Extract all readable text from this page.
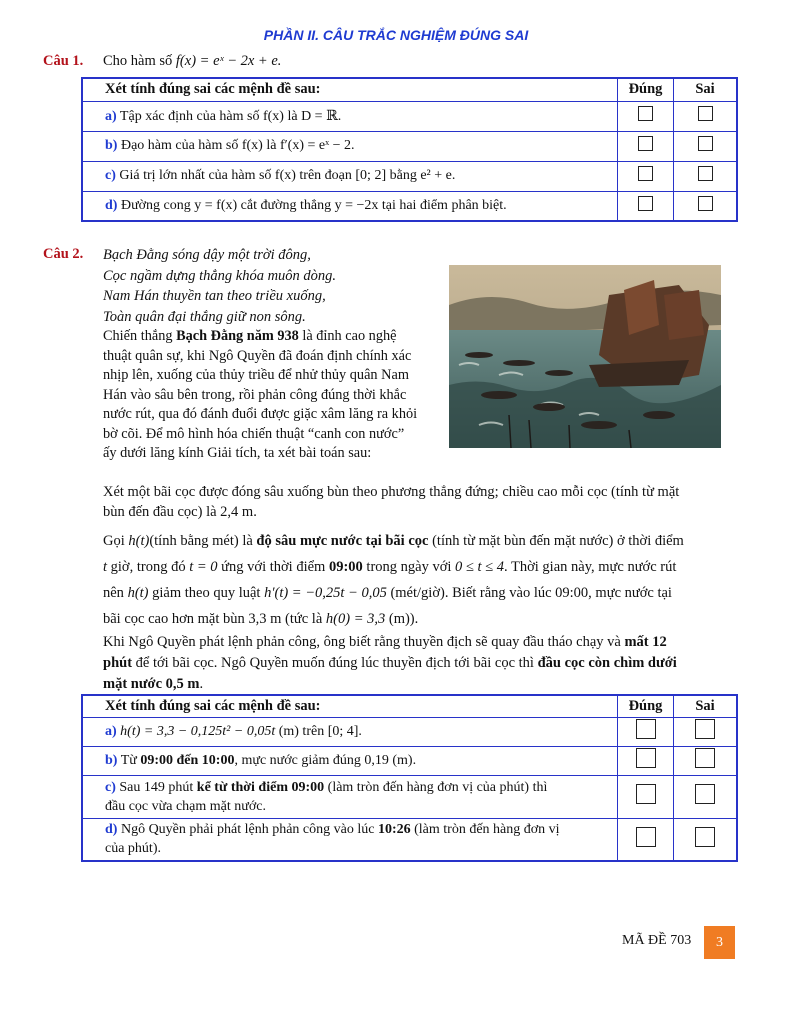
PHẦN II. CÂU TRẮC NGHIỆM ĐÚNG SAI
Câu 1. Cho hàm số f(x) = eˣ − 2x + e.
Xét tính đúng sai các mệnh đề sau:	Đúng	Sai
a) Tập xác định của hàm số f(x) là D = ℝ.		
b) Đạo hàm của hàm số f(x) là f′(x) = eˣ − 2.		
c) Giá trị lớn nhất của hàm số f(x) trên đoạn [0; 2] bằng e² + e.		
d) Đường cong y = f(x) cắt đường thẳng y = −2x tại hai điểm phân biệt.		
Câu 2. Bạch Đằng sóng dậy một trời đông,
Cọc ngầm dựng thẳng khóa muôn dòng.
Nam Hán thuyền tan theo triều xuống,
Toàn quân đại thắng giữ non sông.
Chiến thắng Bạch Đằng năm 938 là đỉnh cao nghệ
thuật quân sự, khi Ngô Quyền đã đoán định chính xác
nhịp lên, xuống của thủy triều để nhử thủy quân Nam
Hán vào sâu bên trong, rồi phản công đúng thời khắc
nước rút, qua đó đánh đuổi được giặc xâm lăng ra khỏi
bờ cõi. Để mô hình hóa chiến thuật “canh con nước”
ấy dưới lăng kính Giải tích, ta xét bài toán sau:
Xét một bãi cọc được đóng sâu xuống bùn theo phương thẳng đứng; chiều cao mỗi cọc (tính từ mặt
bùn đến đầu cọc) là 2,4 m.
Gọi h(t)(tính bằng mét) là độ sâu mực nước tại bãi cọc (tính từ mặt bùn đến mặt nước) ở thời điểm
t giờ, trong đó t = 0 ứng với thời điểm 09:00 trong ngày với 0 ≤ t ≤ 4. Thời gian này, mực nước rút
nên h(t) giảm theo quy luật h′(t) = −0,25t − 0,05 (mét/giờ). Biết rằng vào lúc 09:00, mực nước tại
bãi cọc cao hơn mặt bùn 3,3 m (tức là h(0) = 3,3 (m)).
Khi Ngô Quyền phát lệnh phản công, ông biết rằng thuyền địch sẽ quay đầu tháo chạy và mất 12
phút để tới bãi cọc. Ngô Quyền muốn đúng lúc thuyền địch tới bãi cọc thì đầu cọc còn chìm dưới
mặt nước 0,5 m.
Xét tính đúng sai các mệnh đề sau:	Đúng	Sai
a) h(t) = 3,3 − 0,125t² − 0,05t (m) trên [0; 4].		
b) Từ 09:00 đến 10:00, mực nước giảm đúng 0,19 (m).		
c) Sau 149 phút kể từ thời điểm 09:00 (làm tròn đến hàng đơn vị của phút) thì
đầu cọc vừa chạm mặt nước.		
d) Ngô Quyền phải phát lệnh phản công vào lúc 10:26 (làm tròn đến hàng đơn vị
của phút).		
MÃ ĐỀ 703	3
